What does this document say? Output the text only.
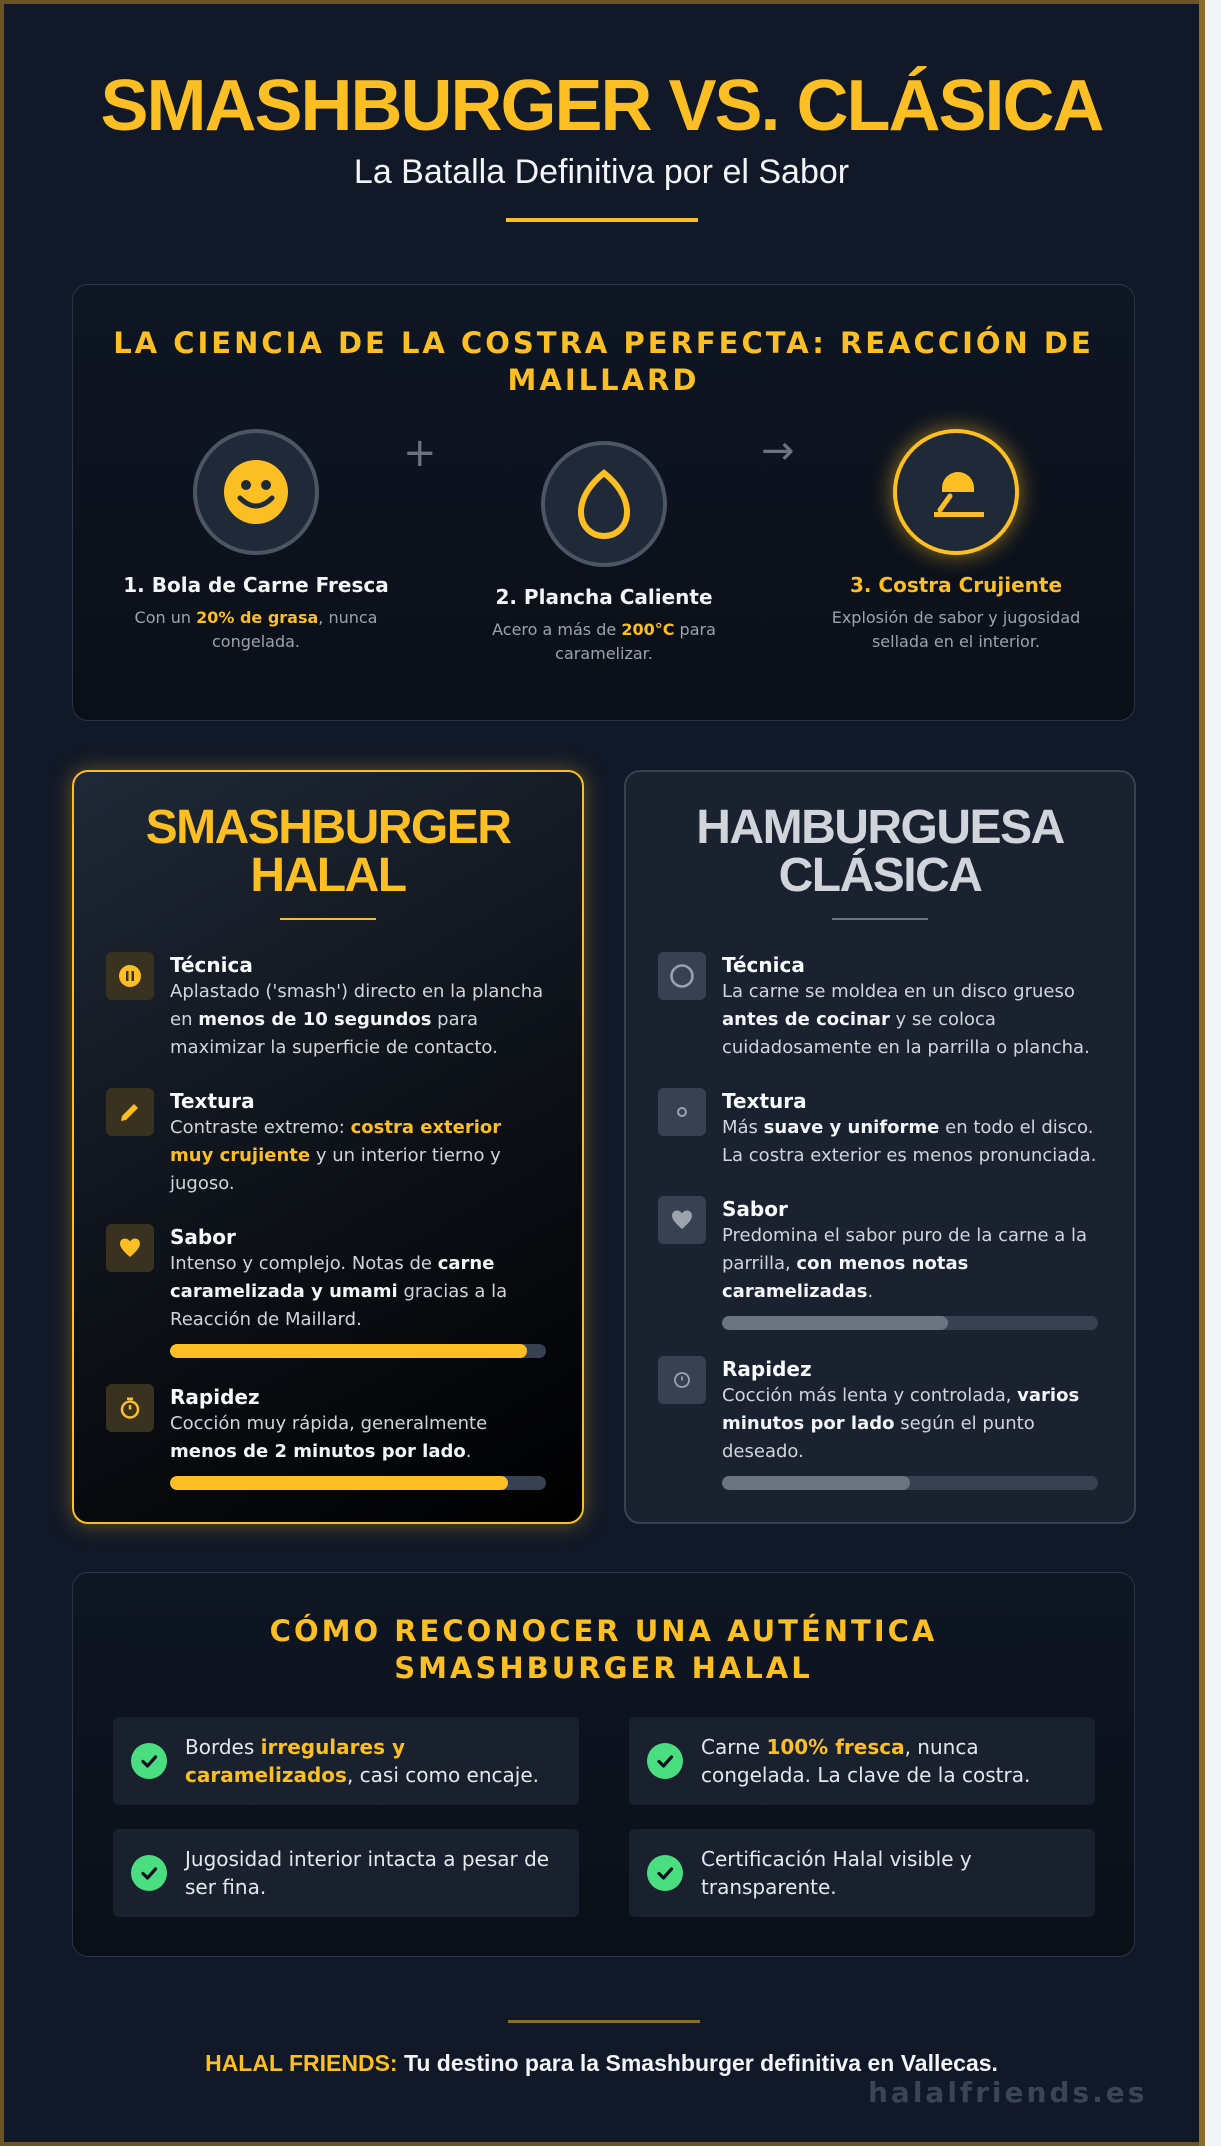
SMASHBURGER VS. CLÁSICA
La Batalla Definitiva por el Sabor
LA CIENCIA DE LA COSTRA PERFECTA: REACCIÓN DE MAILLARD
1. Bola de Carne Fresca
Con un 20% de grasa, nunca congelada.
+
2. Plancha Caliente
Acero a más de 200°C para caramelizar.
→
3. Costra Crujiente
Explosión de sabor y jugosidad sellada en el interior.
SMASHBURGER
HALAL
Técnica
Aplastado ('smash') directo en la plancha en menos de 10 segundos para maximizar la superficie de contacto.
Textura
Contraste extremo: costra exterior muy crujiente y un interior tierno y jugoso.
Sabor
Intenso y complejo. Notas de carne caramelizada y umami gracias a la Reacción de Maillard.
Rapidez
Cocción muy rápida, generalmente menos de 2 minutos por lado.
HAMBURGUESA
CLÁSICA
Técnica
La carne se moldea en un disco grueso antes de cocinar y se coloca cuidadosamente en la parrilla o plancha.
Textura
Más suave y uniforme en todo el disco. La costra exterior es menos pronunciada.
Sabor
Predomina el sabor puro de la carne a la parrilla, con menos notas caramelizadas.
Rapidez
Cocción más lenta y controlada, varios minutos por lado según el punto deseado.
CÓMO RECONOCER UNA AUTÉNTICA SMASHBURGER HALAL
Bordes irregulares y caramelizados, casi como encaje.
Carne 100% fresca, nunca congelada. La clave de la costra.
Jugosidad interior intacta a pesar de ser fina.
Certificación Halal visible y transparente.
HALAL FRIENDS: Tu destino para la Smashburger definitiva en Vallecas.
halalfriends.es
